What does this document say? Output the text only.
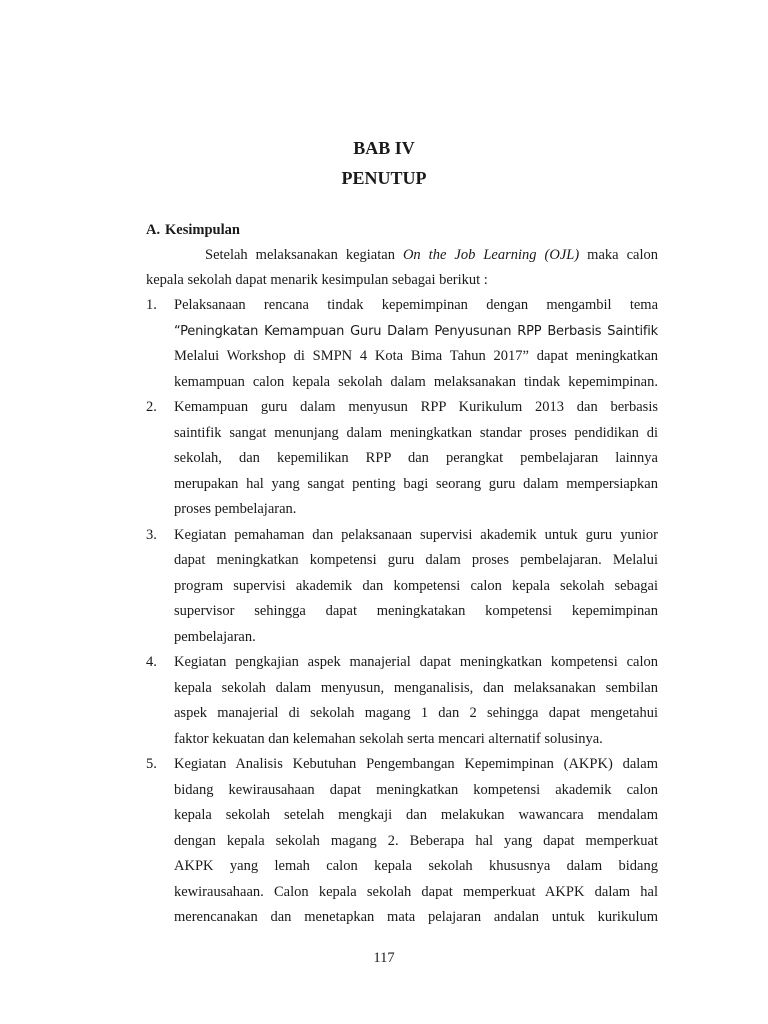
BAB IV
PENUTUP

A. Kesimpulan

Setelah melaksanakan kegiatan On the Job Learning (OJL) maka calon
kepala sekolah dapat menarik kesimpulan sebagai berikut :
1. Pelaksanaan rencana tindak kepemimpinan dengan mengambil tema
“Peningkatan Kemampuan Guru Dalam Penyusunan RPP Berbasis Saintifik
Melalui Workshop di SMPN 4 Kota Bima Tahun 2017” dapat meningkatkan
kemampuan calon kepala sekolah dalam melaksanakan tindak kepemimpinan.
2. Kemampuan guru dalam menyusun RPP Kurikulum 2013 dan berbasis
saintifik sangat menunjang dalam meningkatkan standar proses pendidikan di
sekolah, dan kepemilikan RPP dan perangkat pembelajaran lainnya
merupakan hal yang sangat penting bagi seorang guru dalam mempersiapkan
proses pembelajaran.
3. Kegiatan pemahaman dan pelaksanaan supervisi akademik untuk guru yunior
dapat meningkatkan kompetensi guru dalam proses pembelajaran. Melalui
program supervisi akademik dan kompetensi calon kepala sekolah sebagai
supervisor sehingga dapat meningkatakan kompetensi kepemimpinan
pembelajaran.
4. Kegiatan pengkajian aspek manajerial dapat meningkatkan kompetensi calon
kepala sekolah dalam menyusun, menganalisis, dan melaksanakan sembilan
aspek manajerial di sekolah magang 1 dan 2 sehingga dapat mengetahui
faktor kekuatan dan kelemahan sekolah serta mencari alternatif solusinya.
5. Kegiatan Analisis Kebutuhan Pengembangan Kepemimpinan (AKPK) dalam
bidang kewirausahaan dapat meningkatkan kompetensi akademik calon
kepala sekolah setelah mengkaji dan melakukan wawancara mendalam
dengan kepala sekolah magang 2. Beberapa hal yang dapat memperkuat
AKPK yang lemah calon kepala sekolah khususnya dalam bidang
kewirausahaan. Calon kepala sekolah dapat memperkuat AKPK dalam hal
merencanakan dan menetapkan mata pelajaran andalan untuk kurikulum
117
